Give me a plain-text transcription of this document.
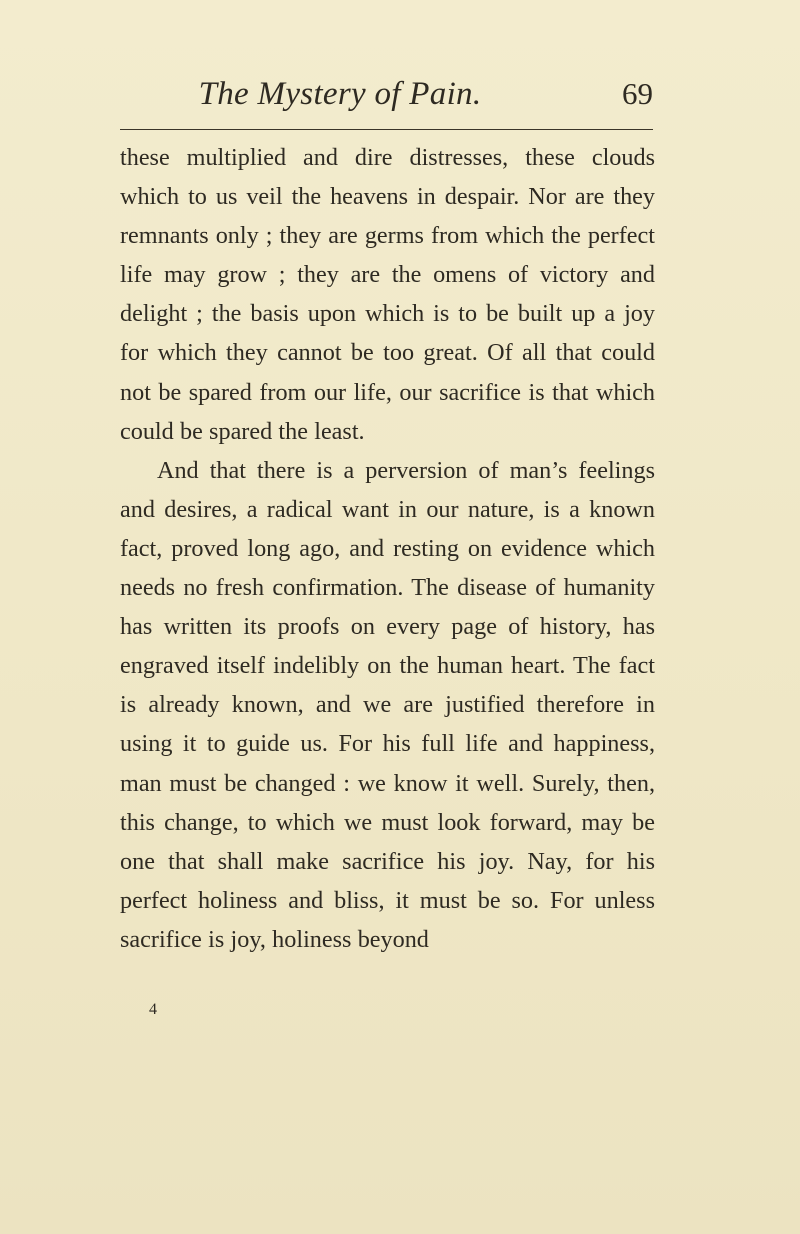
The Mystery of Pain.	69

these multiplied and dire distresses, these clouds which to us veil the heavens in despair. Nor are they remnants only ; they are germs from which the perfect life may grow ; they are the omens of victory and delight ; the basis upon which is to be built up a joy for which they cannot be too great. Of all that could not be spared from our life, our sacrifice is that which could be spared the least.

And that there is a perversion of man’s feelings and desires, a radical want in our nature, is a known fact, proved long ago, and resting on evidence which needs no fresh confirmation. The disease of humanity has written its proofs on every page of history, has engraved itself indelibly on the human heart. The fact is already known, and we are justified therefore in using it to guide us. For his full life and happiness, man must be changed : we know it well. Surely, then, this change, to which we must look forward, may be one that shall make sacrifice his joy. Nay, for his perfect holiness and bliss, it must be so. For unless sacrifice is joy, holiness beyond

4
